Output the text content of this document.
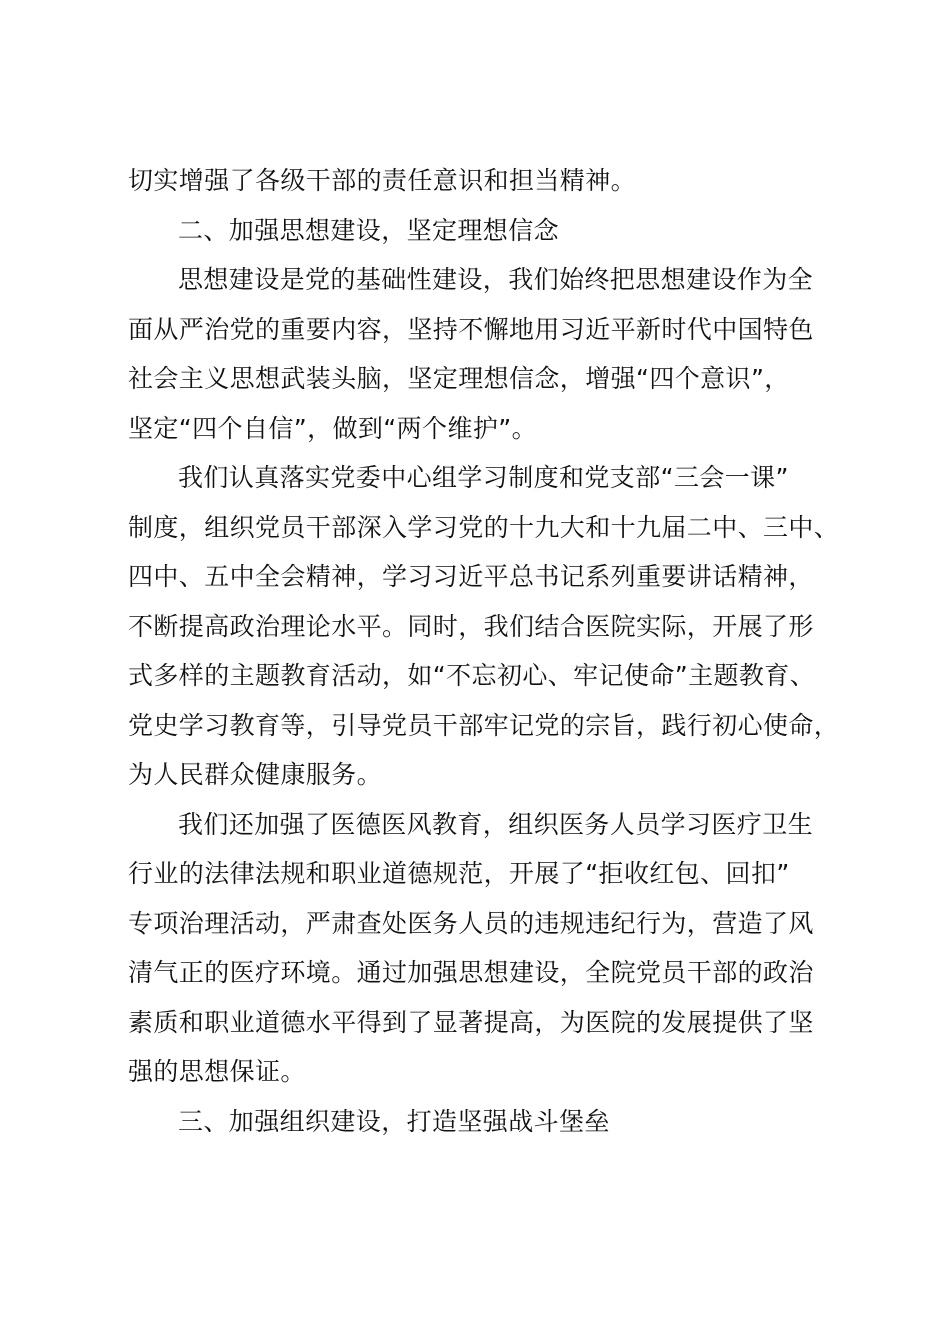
切实增强了各级干部的责任意识和担当精神。
二、加强思想建设，坚定理想信念
思想建设是党的基础性建设，我们始终把思想建设作为全
面从严治党的重要内容，坚持不懈地用习近平新时代中国特色
社会主义思想武装头脑，坚定理想信念，增强“四个意识”，
坚定“四个自信”，做到“两个维护”。
我们认真落实党委中心组学习制度和党支部“三会一课”
制度，组织党员干部深入学习党的十九大和十九届二中、三中、
四中、五中全会精神，学习习近平总书记系列重要讲话精神，
不断提高政治理论水平。同时，我们结合医院实际，开展了形
式多样的主题教育活动，如“不忘初心、牢记使命”主题教育、
党史学习教育等，引导党员干部牢记党的宗旨，践行初心使命，
为人民群众健康服务。
我们还加强了医德医风教育，组织医务人员学习医疗卫生
行业的法律法规和职业道德规范，开展了“拒收红包、回扣”
专项治理活动，严肃查处医务人员的违规违纪行为，营造了风
清气正的医疗环境。通过加强思想建设，全院党员干部的政治
素质和职业道德水平得到了显著提高，为医院的发展提供了坚
强的思想保证。
三、加强组织建设，打造坚强战斗堡垒
